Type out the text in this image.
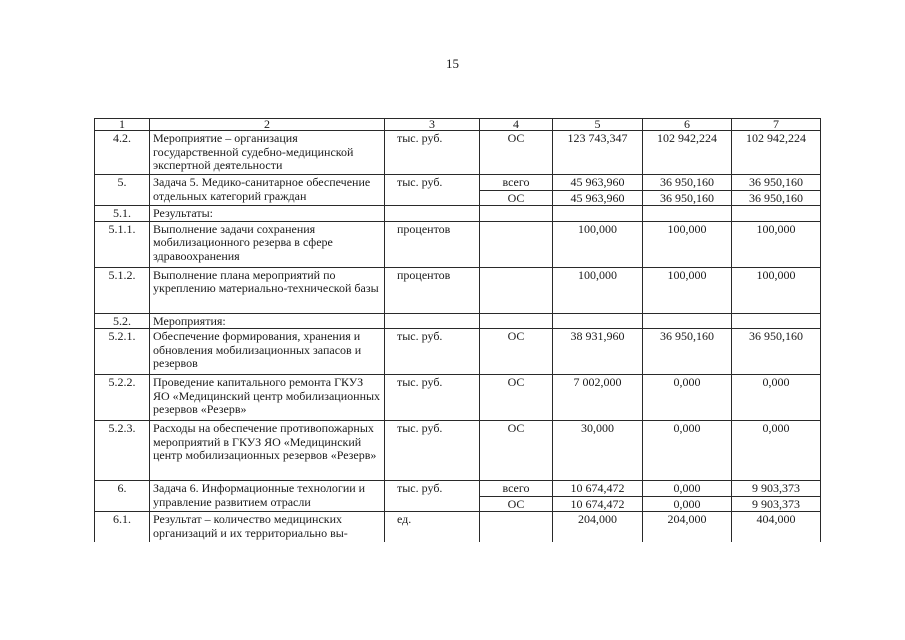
15
1	2	3	4	5	6	7
4.2.	Мероприятие – организация государственной судебно-медицинской экспертной деятельности	тыс. руб.	ОС	123 743,347	102 942,224	102 942,224
5.	Задача 5. Медико-санитарное обеспечение отдельных категорий граждан	тыс. руб.	всего	45 963,960	36 950,160	36 950,160
			ОС	45 963,960	36 950,160	36 950,160
5.1.	Результаты:					
5.1.1.	Выполнение задачи сохранения мобилизационного резерва в сфере здравоохранения	процентов		100,000	100,000	100,000
5.1.2.	Выполнение плана мероприятий по укреплению материально-технической базы	процентов		100,000	100,000	100,000
5.2.	Мероприятия:					
5.2.1.	Обеспечение формирования, хранения и обновления мобилизационных запасов и резервов	тыс. руб.	ОС	38 931,960	36 950,160	36 950,160
5.2.2.	Проведение капитального ремонта ГКУЗ ЯО «Медицинский центр мобилизационных резервов «Резерв»	тыс. руб.	ОС	7 002,000	0,000	0,000
5.2.3.	Расходы на обеспечение противопожарных мероприятий в ГКУЗ ЯО «Медицинский центр мобилизационных резервов «Резерв»	тыс. руб.	ОС	30,000	0,000	0,000
6.	Задача 6. Информационные технологии и управление развитием отрасли	тыс. руб.	всего	10 674,472	0,000	9 903,373
			ОС	10 674,472	0,000	9 903,373
6.1.	Результат – количество медицинских организаций и их территориально вы-	ед.		204,000	204,000	404,000
